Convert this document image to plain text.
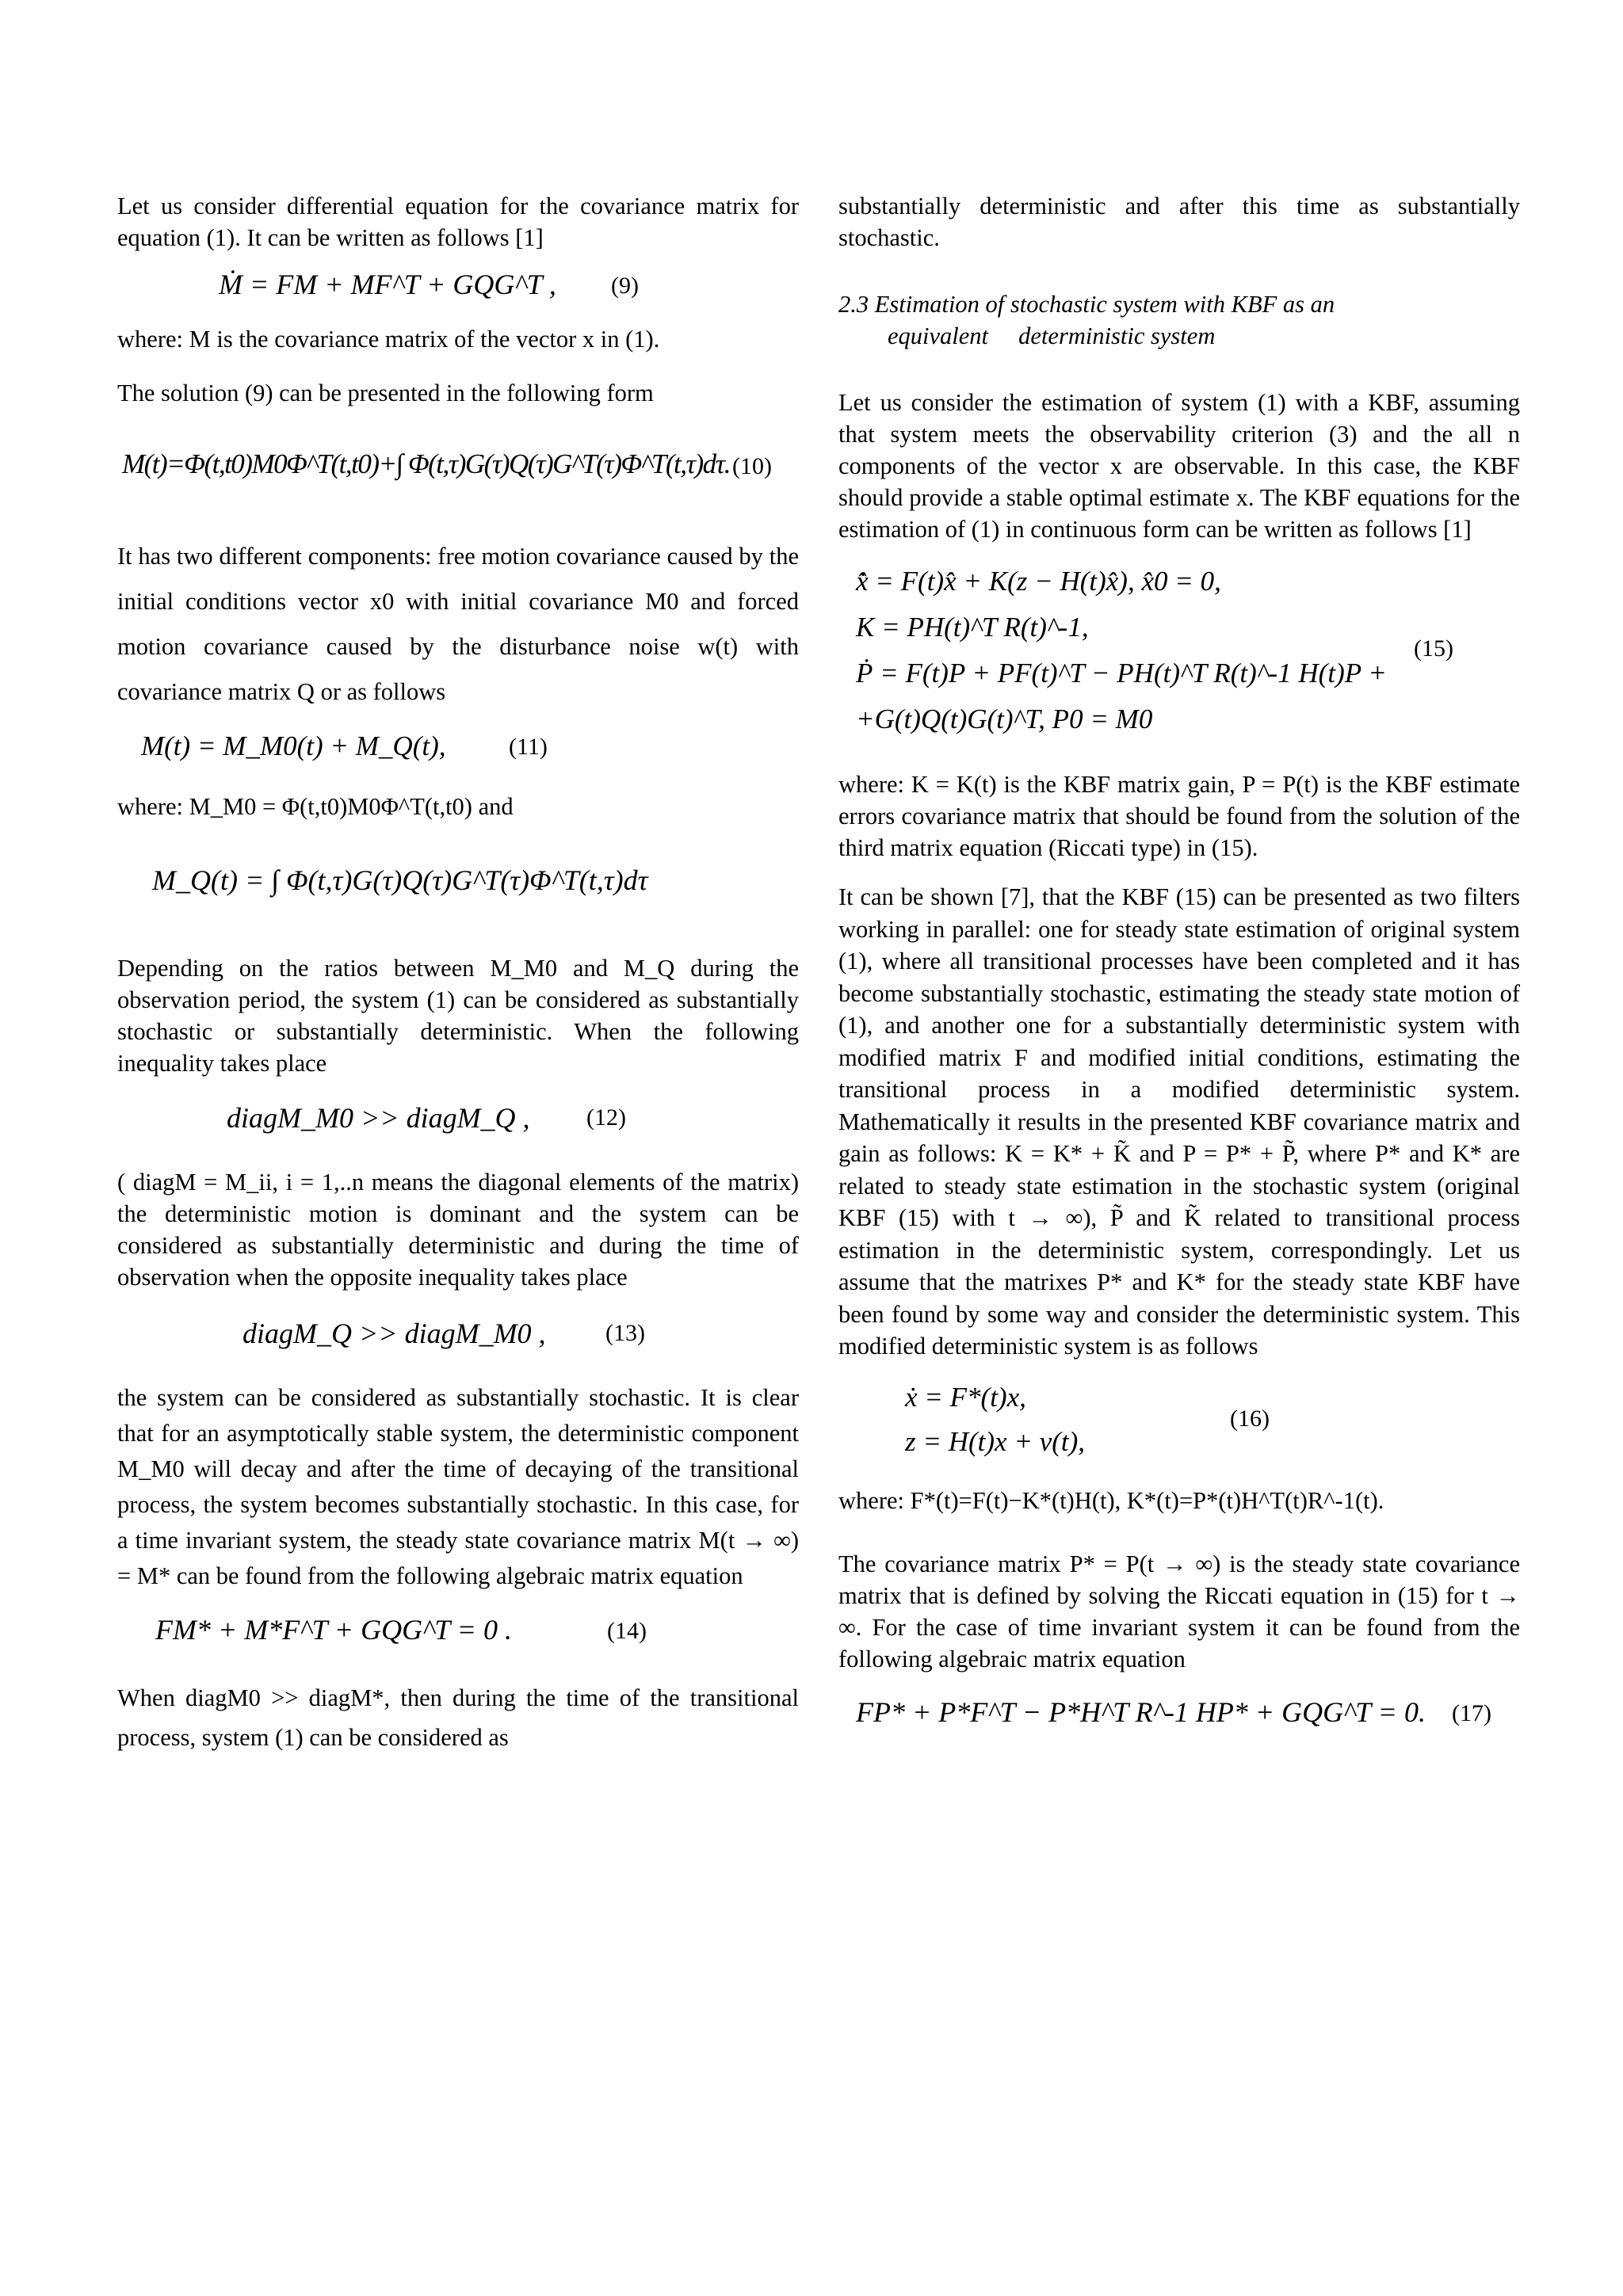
Let us consider differential equation for the covariance matrix for equation (1). It can be written as follows [1]

Ṁ = FM + MF^T + GQG^T , (9)

where: M is the covariance matrix of the vector x in (1).

The solution (9) can be presented in the following form

M(t)=Φ(t,t0)M0Φ^T(t,t0)+∫ Φ(t,τ)G(τ)Q(τ)G^T(τ)Φ^T(t,τ)dτ. (10)

It has two different components: free motion covariance caused by the initial conditions vector x0 with initial covariance M0 and forced motion covariance caused by the disturbance noise w(t) with covariance matrix Q or as follows

M(t) = M_M0(t) + M_Q(t),	(11)

where: M_M0 = Φ(t,t0)M0Φ^T(t,t0) and

M_Q(t) = ∫ Φ(t,τ)G(τ)Q(τ)G^T(τ)Φ^T(t,τ)dτ

Depending on the ratios between M_M0 and M_Q during the observation period, the system (1) can be considered as substantially stochastic or substantially deterministic. When the following inequality takes place

diagM_M0 >> diagM_Q , (12)

( diagM = M_ii, i = 1,..n means the diagonal elements of the matrix) the deterministic motion is dominant and the system can be considered as substantially deterministic and during the time of observation when the opposite inequality takes place

diagM_Q >> diagM_M0 ,	(13)

the system can be considered as substantially stochastic. It is clear that for an asymptotically stable system, the deterministic component M_M0 will decay and after the time of decaying of the transitional process, the system becomes substantially stochastic. In this case, for a time invariant system, the steady state covariance matrix M(t → ∞) = M* can be found from the following algebraic matrix equation

FM* + M*F^T + GQG^T = 0 .	(14)

When diagM0 >> diagM*, then during the time of the transitional process, system (1) can be considered as

substantially deterministic and after this time as substantially stochastic.

2.3 Estimation of stochastic system with KBF as an
equivalent     deterministic system

Let us consider the estimation of system (1) with a KBF, assuming that system meets the observability criterion (3) and the all n components of the vector x are observable. In this case, the KBF should provide a stable optimal estimate x. The KBF equations for the estimation of (1) in continuous form can be written as follows [1]

x̂̇ = F(t)x̂ + K(z − H(t)x̂), x̂0 = 0,
K = PH(t)^T R(t)^-1,
Ṗ = F(t)P + PF(t)^T − PH(t)^T R(t)^-1 H(t)P +
+G(t)Q(t)G(t)^T, P0 = M0
(15)

where: K = K(t) is the KBF matrix gain, P = P(t) is the KBF estimate errors covariance matrix that should be found from the solution of the third matrix equation (Riccati type) in (15).

It can be shown [7], that the KBF (15) can be presented as two filters working in parallel: one for steady state estimation of original system (1), where all transitional processes have been completed and it has become substantially stochastic, estimating the steady state motion of (1), and another one for a substantially deterministic system with modified matrix F and modified initial conditions, estimating the transitional process in a modified deterministic system. Mathematically it results in the presented KBF covariance matrix and gain as follows: K = K* + K̃ and P = P* + P̃, where P* and K* are related to steady state estimation in the stochastic system (original KBF (15) with t → ∞), P̃ and K̃ related to transitional process estimation in the deterministic system, correspondingly. Let us assume that the matrixes P* and K* for the steady state KBF have been found by some way and consider the deterministic system. This modified deterministic system is as follows

ẋ = F*(t)x,
z = H(t)x + v(t),
(16)

where: F*(t)=F(t)−K*(t)H(t), K*(t)=P*(t)H^T(t)R^-1(t).

The covariance matrix P* = P(t → ∞) is the steady state covariance matrix that is defined by solving the Riccati equation in (15) for t → ∞. For the case of time invariant system it can be found from the following algebraic matrix equation

FP* + P*F^T − P*H^T R^-1 HP* + GQG^T = 0. (17)
